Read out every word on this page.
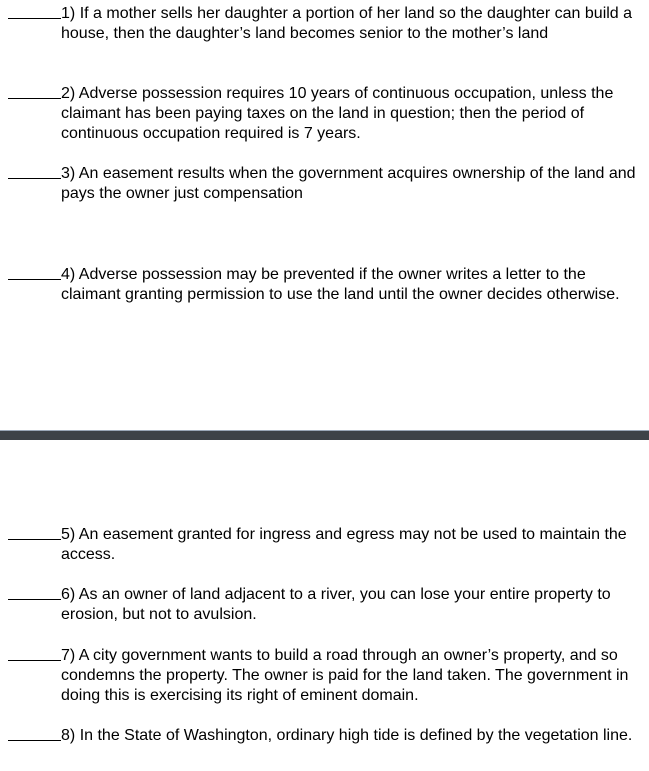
1) If a mother sells her daughter a portion of her land so the daughter can build a house, then the daughter’s land becomes senior to the mother’s land
2) Adverse possession requires 10 years of continuous occupation, unless the claimant has been paying taxes on the land in question; then the period of continuous occupation required is 7 years.
3) An easement results when the government acquires ownership of the land and pays the owner just compensation
4) Adverse possession may be prevented if the owner writes a letter to the claimant granting permission to use the land until the owner decides otherwise.
5) An easement granted for ingress and egress may not be used to maintain the access.
6) As an owner of land adjacent to a river, you can lose your entire property to erosion, but not to avulsion.
7) A city government wants to build a road through an owner’s property, and so condemns the property. The owner is paid for the land taken. The government in doing this is exercising its right of eminent domain.
8) In the State of Washington, ordinary high tide is defined by the vegetation line.
